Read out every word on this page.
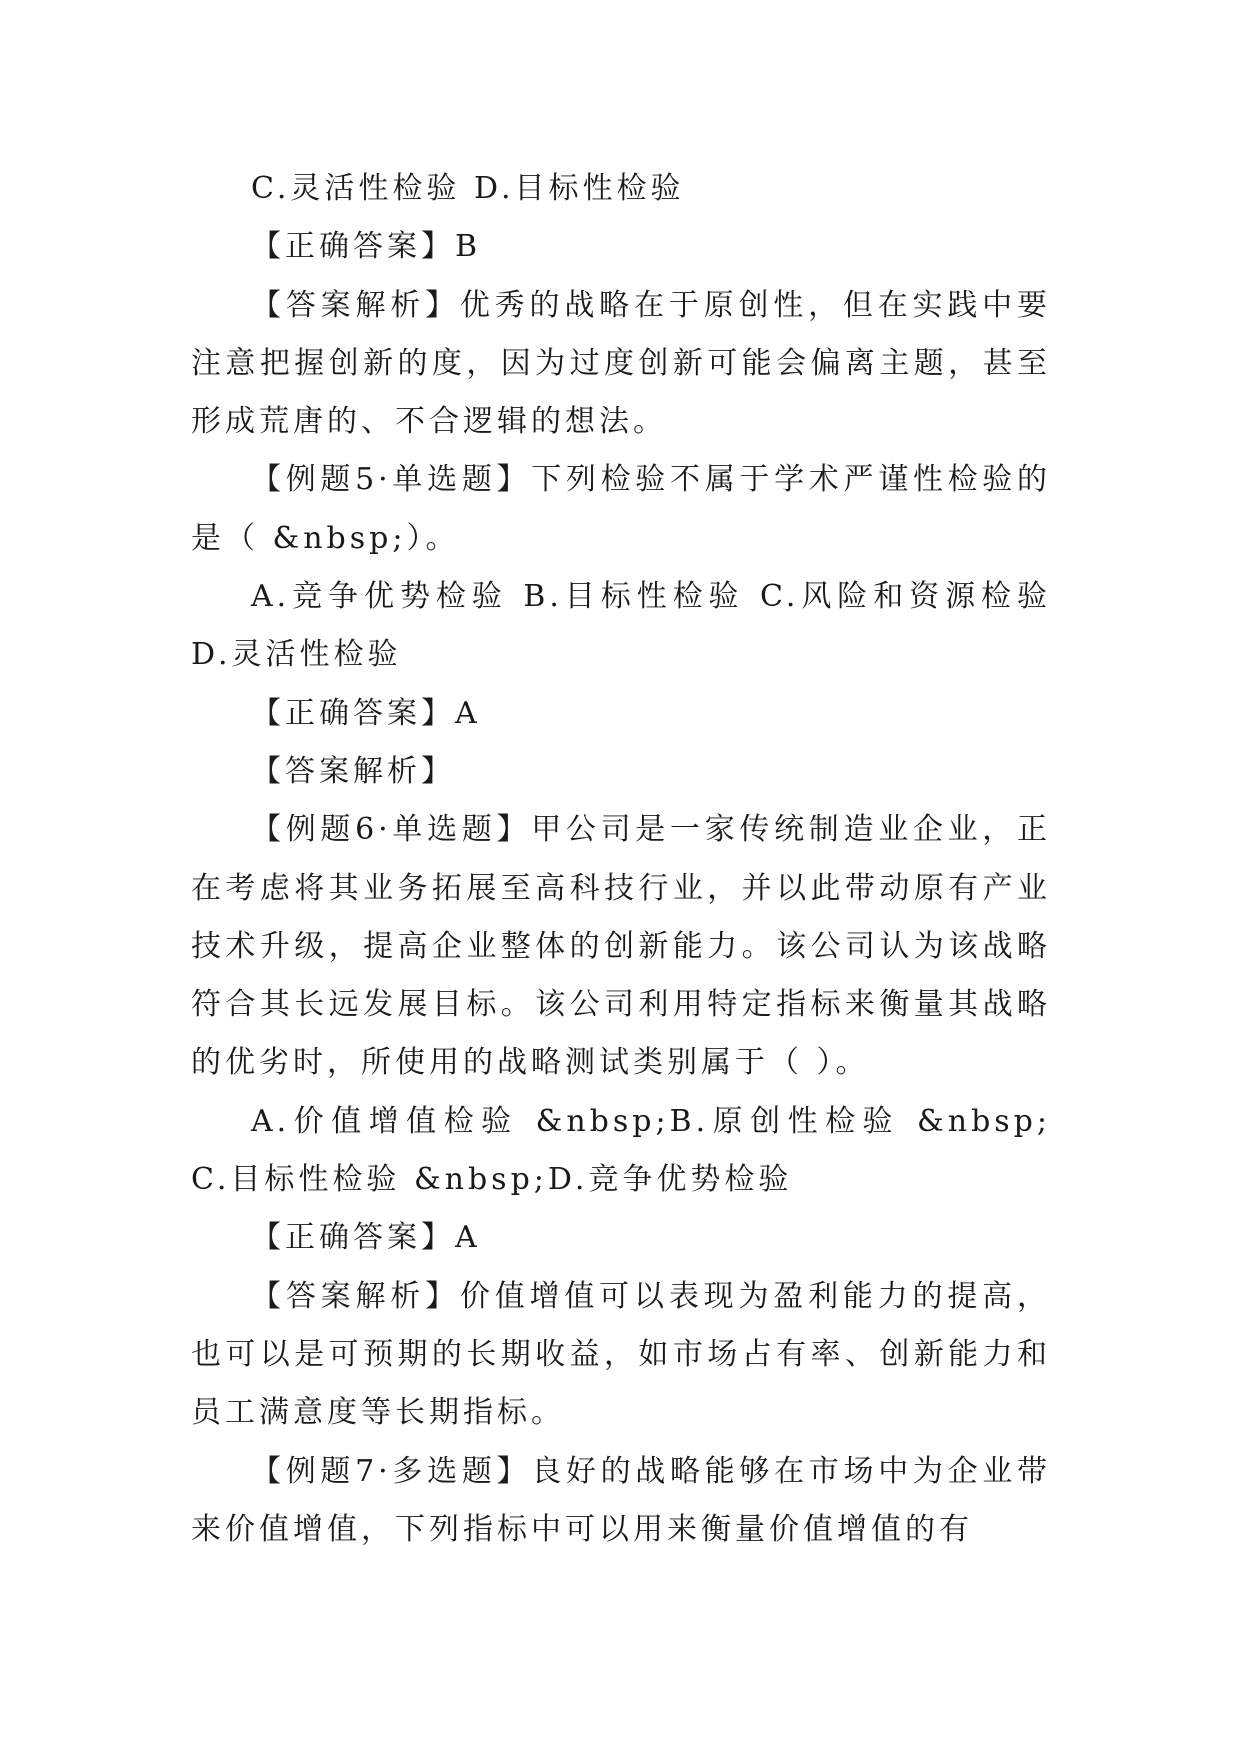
C.灵活性检验 D.目标性检验

【正确答案】B

【答案解析】优秀的战略在于原创性，但在实践中要注意把握创新的度，因为过度创新可能会偏离主题，甚至形成荒唐的、不合逻辑的想法。

【例题5·单选题】下列检验不属于学术严谨性检验的是（ &nbsp;）。

A.竞争优势检验 B.目标性检验 C.风险和资源检验 D.灵活性检验

【正确答案】A

【答案解析】

【例题6·单选题】甲公司是一家传统制造业企业，正在考虑将其业务拓展至高科技行业，并以此带动原有产业技术升级，提高企业整体的创新能力。该公司认为该战略符合其长远发展目标。该公司利用特定指标来衡量其战略的优劣时，所使用的战略测试类别属于（ ）。

A.价值增值检验 &nbsp;B.原创性检验 &nbsp; C.目标性检验 &nbsp;D.竞争优势检验

【正确答案】A

【答案解析】价值增值可以表现为盈利能力的提高，也可以是可预期的长期收益，如市场占有率、创新能力和员工满意度等长期指标。

【例题7·多选题】良好的战略能够在市场中为企业带来价值增值，下列指标中可以用来衡量价值增值的有
